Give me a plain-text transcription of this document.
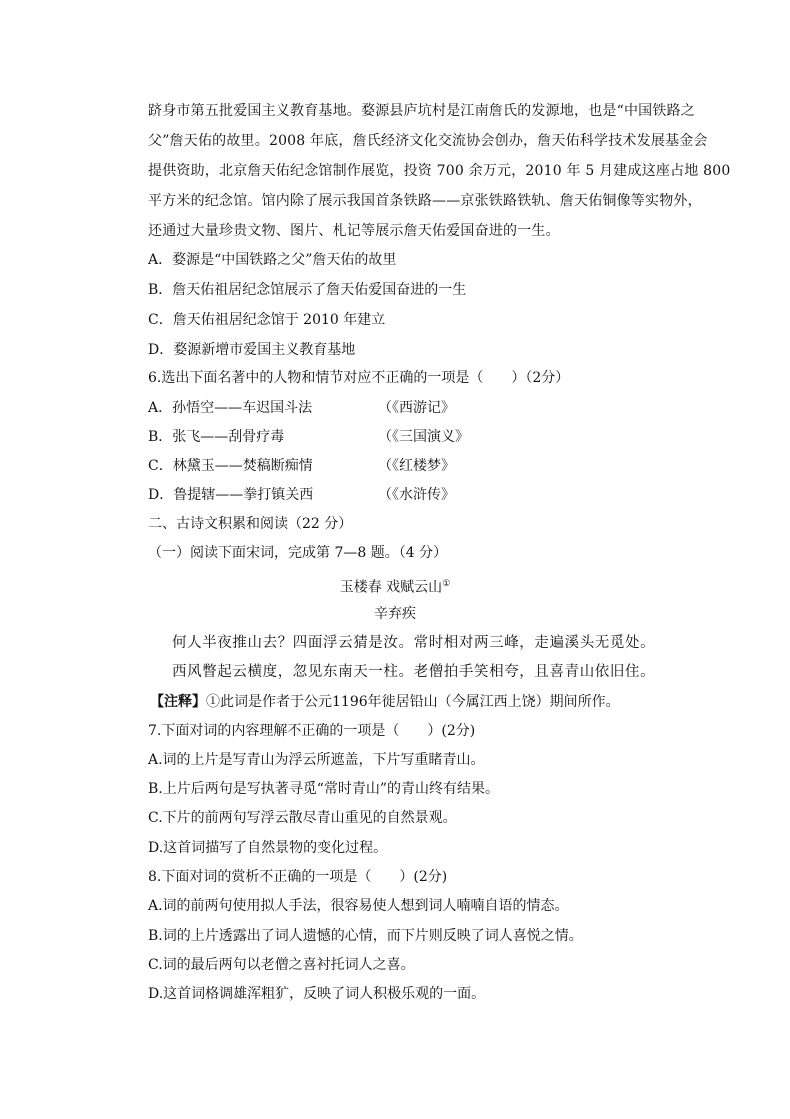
跻身市第五批爱国主义教育基地。婺源县庐坑村是江南詹氏的发源地，也是“中国铁路之
父”詹天佑的故里。2008 年底，詹氏经济文化交流协会创办，詹天佑科学技术发展基金会
提供资助，北京詹天佑纪念馆制作展览，投资 700 余万元，2010 年 5 月建成这座占地 800
平方米的纪念馆。馆内除了展示我国首条铁路——京张铁路铁轨、詹天佑铜像等实物外，
还通过大量珍贵文物、图片、札记等展示詹天佑爱国奋进的一生。
A．婺源是“中国铁路之父”詹天佑的故里
B．詹天佑祖居纪念馆展示了詹天佑爱国奋进的一生
C．詹天佑祖居纪念馆于 2010 年建立
D．婺源新增市爱国主义教育基地
6.选出下面名著中的人物和情节对应不正确的一项是（　　）（2分）
A．孙悟空——车迟国斗法	（《西游记》
B．张飞——刮骨疗毒	（《三国演义》
C．林黛玉——焚稿断痴情	（《红楼梦》
D．鲁提辖——拳打镇关西	（《水浒传》
二、古诗文积累和阅读（22 分）
（一）阅读下面宋词，完成第 7—8 题。（4 分）
玉楼春 戏赋云山①
辛弃疾
何人半夜推山去？四面浮云猜是汝。常时相对两三峰，走遍溪头无觅处。
西风瞥起云横度，忽见东南天一柱。老僧拍手笑相夸，且喜青山依旧住。
【注释】①此词是作者于公元1196年徙居铅山（今属江西上饶）期间所作。
7.下面对词的内容理解不正确的一项是（　　）(2分)
A.词的上片是写青山为浮云所遮盖，下片写重睹青山。
B.上片后两句是写执著寻觅“常时青山”的青山终有结果。
C.下片的前两句写浮云散尽青山重见的自然景观。
D.这首词描写了自然景物的变化过程。
8.下面对词的赏析不正确的一项是（　　）(2分)
A.词的前两句使用拟人手法，很容易使人想到词人喃喃自语的情态。
B.词的上片透露出了词人遗憾的心情，而下片则反映了词人喜悦之情。
C.词的最后两句以老僧之喜衬托词人之喜。
D.这首词格调雄浑粗犷，反映了词人积极乐观的一面。
